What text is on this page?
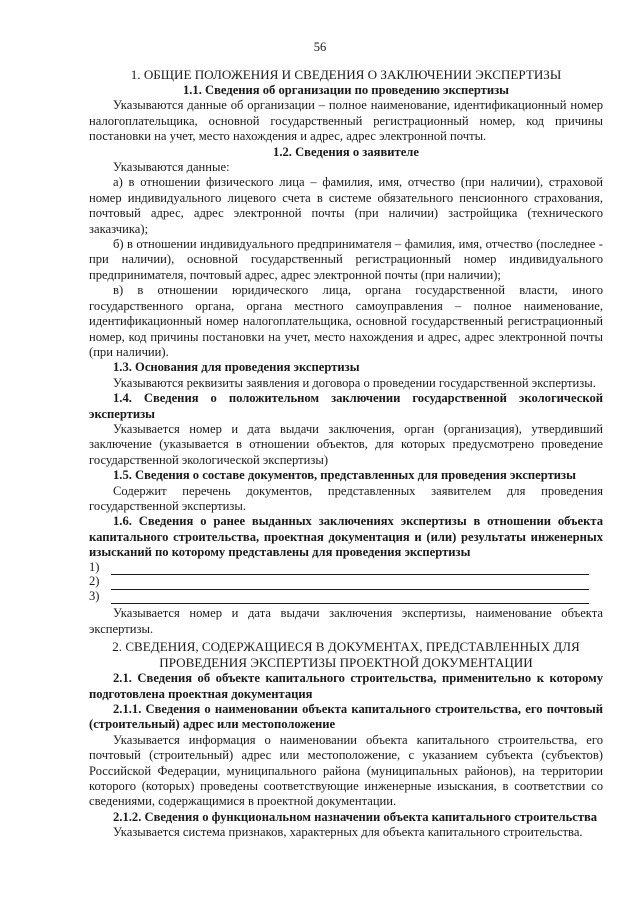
56

1. ОБЩИЕ ПОЛОЖЕНИЯ И СВЕДЕНИЯ О ЗАКЛЮЧЕНИИ ЭКСПЕРТИЗЫ

1.1. Сведения об организации по проведению экспертизы

Указываются данные об организации – полное наименование, идентификационный номер налогоплательщика, основной государственный регистрационный номер, код причины постановки на учет, место нахождения и адрес, адрес электронной почты.

1.2. Сведения о заявителе

Указываются данные:

а) в отношении физического лица – фамилия, имя, отчество (при наличии), страховой номер индивидуального лицевого счета в системе обязательного пенсионного страхования, почтовый адрес, адрес электронной почты (при наличии) застройщика (технического заказчика);

б) в отношении индивидуального предпринимателя – фамилия, имя, отчество (последнее - при наличии), основной государственный регистрационный номер индивидуального предпринимателя, почтовый адрес, адрес электронной почты (при наличии);

в) в отношении юридического лица, органа государственной власти, иного государственного органа, органа местного самоуправления – полное наименование, идентификационный номер налогоплательщика, основной государственный регистрационный номер, код причины постановки на учет, место нахождения и адрес, адрес электронной почты (при наличии).

1.3. Основания для проведения экспертизы

Указываются реквизиты заявления и договора о проведении государственной экспертизы.

1.4. Сведения о положительном заключении государственной экологической экспертизы

Указывается номер и дата выдачи заключения, орган (организация), утвердивший заключение (указывается в отношении объектов, для которых предусмотрено проведение государственной экологической экспертизы)

1.5. Сведения о составе документов, представленных для проведения экспертизы

Содержит перечень документов, представленных заявителем для проведения государственной экспертизы.

1.6. Сведения о ранее выданных заключениях экспертизы в отношении объекта капитального строительства, проектная документация и (или) результаты инженерных изысканий по которому представлены для проведения экспертизы

1)
2)
3)

Указывается номер и дата выдачи заключения экспертизы, наименование объекта экспертизы.

2. СВЕДЕНИЯ, СОДЕРЖАЩИЕСЯ В ДОКУМЕНТАХ, ПРЕДСТАВЛЕННЫХ ДЛЯ ПРОВЕДЕНИЯ ЭКСПЕРТИЗЫ ПРОЕКТНОЙ ДОКУМЕНТАЦИИ

2.1. Сведения об объекте капитального строительства, применительно к которому подготовлена проектная документация

2.1.1. Сведения о наименовании объекта капитального строительства, его почтовый (строительный) адрес или местоположение

Указывается информация о наименовании объекта капитального строительства, его почтовый (строительный) адрес или местоположение, с указанием субъекта (субъектов) Российской Федерации, муниципального района (муниципальных районов), на территории которого (которых) проведены соответствующие инженерные изыскания, в соответствии со сведениями, содержащимися в проектной документации.

2.1.2. Сведения о функциональном назначении объекта капитального строительства

Указывается система признаков, характерных для объекта капитального строительства.
